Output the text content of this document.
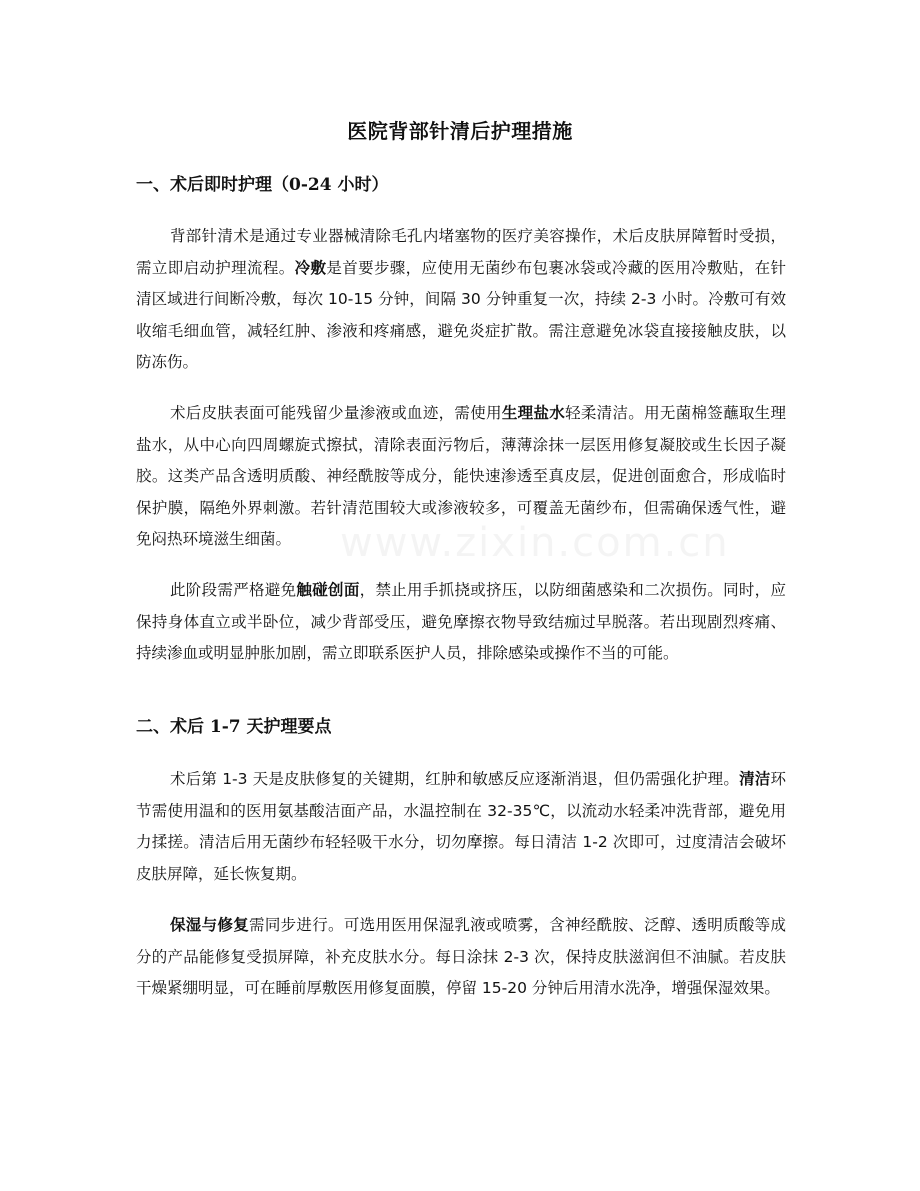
医院背部针清后护理措施
一、术后即时护理（0-24 小时）

背部针清术是通过专业器械清除毛孔内堵塞物的医疗美容操作，术后皮肤屏障暂时受损，需立即启动护理流程。冷敷是首要步骤，应使用无菌纱布包裹冰袋或冷藏的医用冷敷贴，在针清区域进行间断冷敷，每次 10-15 分钟，间隔 30 分钟重复一次，持续 2-3 小时。冷敷可有效收缩毛细血管，减轻红肿、渗液和疼痛感，避免炎症扩散。需注意避免冰袋直接接触皮肤，以防冻伤。

术后皮肤表面可能残留少量渗液或血迹，需使用生理盐水轻柔清洁。用无菌棉签蘸取生理盐水，从中心向四周螺旋式擦拭，清除表面污物后，薄薄涂抹一层医用修复凝胶或生长因子凝胶。这类产品含透明质酸、神经酰胺等成分，能快速渗透至真皮层，促进创面愈合，形成临时保护膜，隔绝外界刺激。若针清范围较大或渗液较多，可覆盖无菌纱布，但需确保透气性，避免闷热环境滋生细菌。

此阶段需严格避免触碰创面，禁止用手抓挠或挤压，以防细菌感染和二次损伤。同时，应保持身体直立或半卧位，减少背部受压，避免摩擦衣物导致结痂过早脱落。若出现剧烈疼痛、持续渗血或明显肿胀加剧，需立即联系医护人员，排除感染或操作不当的可能。

二、术后 1-7 天护理要点

术后第 1-3 天是皮肤修复的关键期，红肿和敏感反应逐渐消退，但仍需强化护理。清洁环节需使用温和的医用氨基酸洁面产品，水温控制在 32-35℃，以流动水轻柔冲洗背部，避免用力揉搓。清洁后用无菌纱布轻轻吸干水分，切勿摩擦。每日清洁 1-2 次即可，过度清洁会破坏皮肤屏障，延长恢复期。

保湿与修复需同步进行。可选用医用保湿乳液或喷雾，含神经酰胺、泛醇、透明质酸等成分的产品能修复受损屏障，补充皮肤水分。每日涂抹 2-3 次，保持皮肤滋润但不油腻。若皮肤干燥紧绷明显，可在睡前厚敷医用修复面膜，停留 15-20 分钟后用清水洗净，增强保湿效果。

www.zixin.com.cn
